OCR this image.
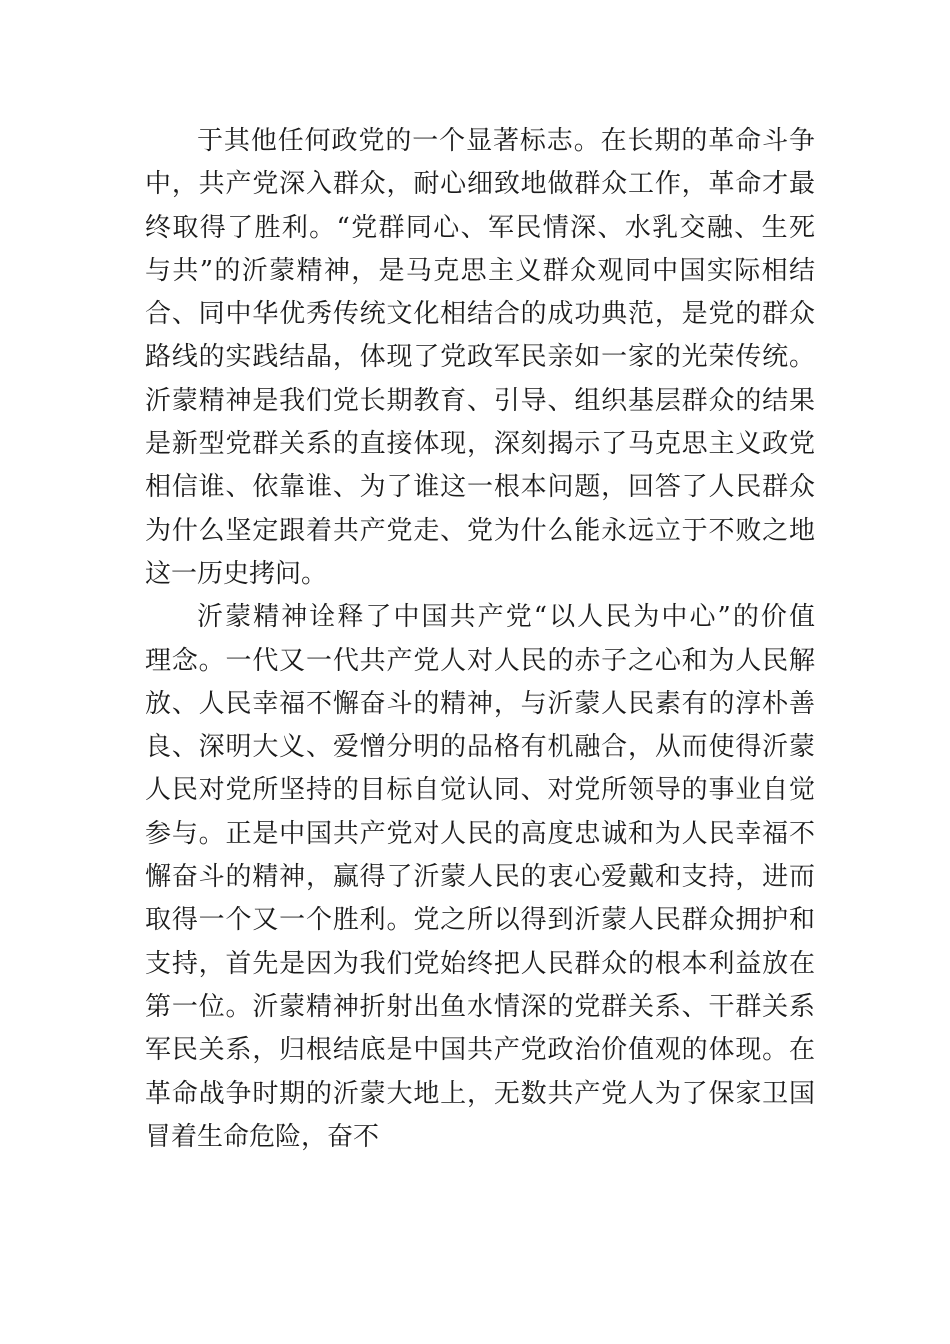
于其他任何政党的一个显著标志。在长期的革命斗争
中，共产党深入群众，耐心细致地做群众工作，革命才最
终取得了胜利。“党群同心、军民情深、水乳交融、生死
与共”的沂蒙精神，是马克思主义群众观同中国实际相结
合、同中华优秀传统文化相结合的成功典范，是党的群众
路线的实践结晶，体现了党政军民亲如一家的光荣传统。
沂蒙精神是我们党长期教育、引导、组织基层群众的结果
是新型党群关系的直接体现，深刻揭示了马克思主义政党
相信谁、依靠谁、为了谁这一根本问题，回答了人民群众
为什么坚定跟着共产党走、党为什么能永远立于不败之地
这一历史拷问。
沂蒙精神诠释了中国共产党“以人民为中心”的价值
理念。一代又一代共产党人对人民的赤子之心和为人民解
放、人民幸福不懈奋斗的精神，与沂蒙人民素有的淳朴善
良、深明大义、爱憎分明的品格有机融合，从而使得沂蒙
人民对党所坚持的目标自觉认同、对党所领导的事业自觉
参与。正是中国共产党对人民的高度忠诚和为人民幸福不
懈奋斗的精神，赢得了沂蒙人民的衷心爱戴和支持，进而
取得一个又一个胜利。党之所以得到沂蒙人民群众拥护和
支持，首先是因为我们党始终把人民群众的根本利益放在
第一位。沂蒙精神折射出鱼水情深的党群关系、干群关系
军民关系，归根结底是中国共产党政治价值观的体现。在
革命战争时期的沂蒙大地上，无数共产党人为了保家卫国
冒着生命危险，奋不
